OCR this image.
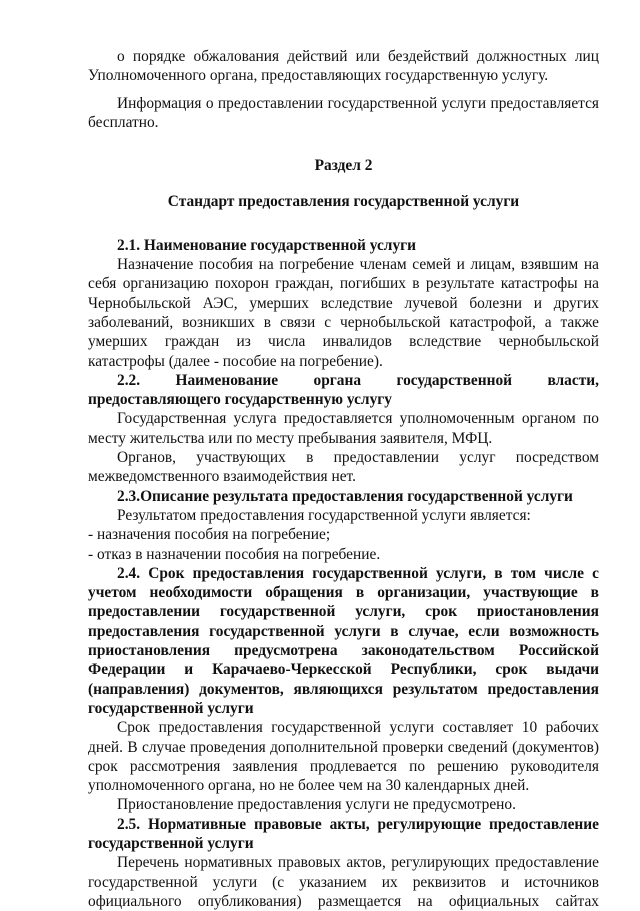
о порядке обжалования действий или бездействий должностных лиц Уполномоченного органа, предоставляющих государственную услугу.

Информация о предоставлении государственной услуги предоставляется бесплатно.

Раздел 2

Стандарт предоставления государственной услуги

2.1. Наименование государственной услуги

Назначение пособия на погребение членам семей и лицам, взявшим на себя организацию похорон граждан, погибших в результате катастрофы на Чернобыльской АЭС, умерших вследствие лучевой болезни и других заболеваний, возникших в связи с чернобыльской катастрофой, а также умерших граждан из числа инвалидов вследствие чернобыльской катастрофы (далее - пособие на погребение).

2.2. Наименование органа государственной власти,

предоставляющего государственную услугу

Государственная услуга предоставляется уполномоченным органом по месту жительства или по месту пребывания заявителя, МФЦ.

Органов, участвующих в предоставлении услуг посредством

межведомственного взаимодействия нет.

2.3.Описание результата предоставления государственной услуги

Результатом предоставления государственной услуги является:

- назначения пособия на погребение;

- отказ в назначении пособия на погребение.

2.4. Срок предоставления государственной услуги, в том числе с учетом необходимости обращения в организации, участвующие в предоставлении государственной услуги, срок приостановления предоставления государственной услуги в случае, если возможность приостановления предусмотрена законодательством Российской Федерации и Карачаево-Черкесской Республики, срок выдачи (направления) документов, являющихся результатом предоставления государственной услуги

Срок предоставления государственной услуги составляет 10 рабочих дней. В случае проведения дополнительной проверки сведений (документов) срок рассмотрения заявления продлевается по решению руководителя уполномоченного органа, но не более чем на 30 календарных дней.

Приостановление предоставления услуги не предусмотрено.

2.5. Нормативные правовые акты, регулирующие предоставление государственной услуги

Перечень нормативных правовых актов, регулирующих предоставление государственной услуги (с указанием их реквизитов и источников официального опубликования) размещается на официальных сайтах
